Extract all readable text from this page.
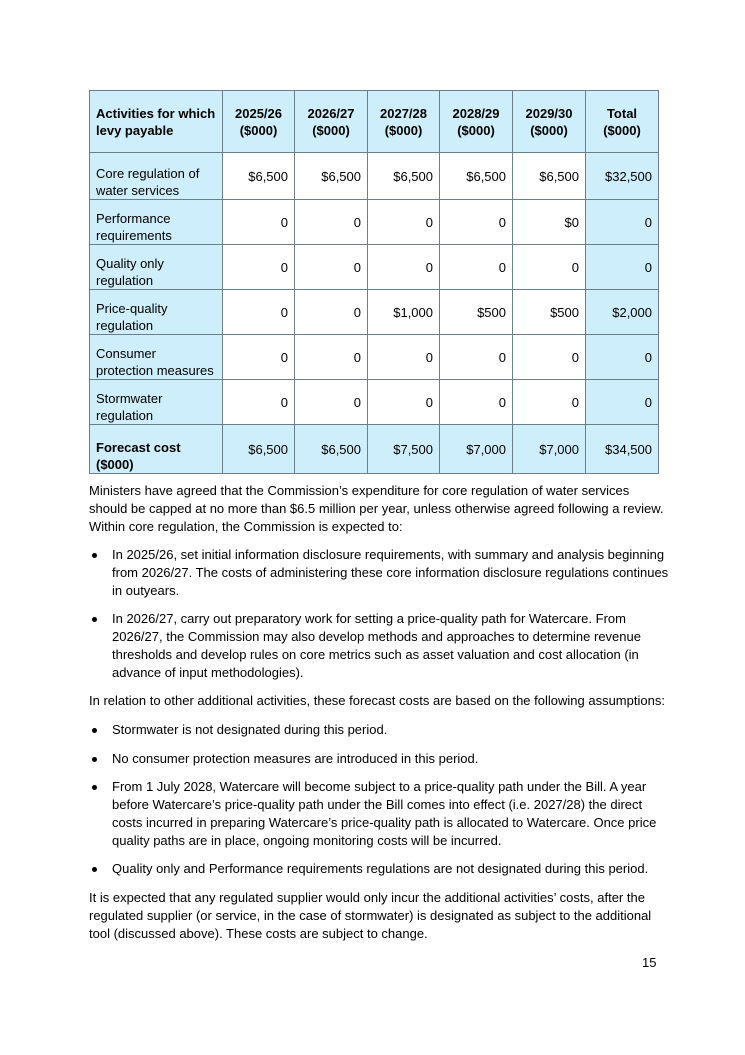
Activities for which levy payable	2025/26 ($000)	2026/27 ($000)	2027/28 ($000)	2028/29 ($000)	2029/30 ($000)	Total ($000)
Core regulation of water services	$6,500	$6,500	$6,500	$6,500	$6,500	$32,500
Performance requirements	0	0	0	0	$0	0
Quality only regulation	0	0	0	0	0	0
Price-quality regulation	0	0	$1,000	$500	$500	$2,000
Consumer protection measures	0	0	0	0	0	0
Stormwater regulation	0	0	0	0	0	0
Forecast cost ($000)	$6,500	$6,500	$7,500	$7,000	$7,000	$34,500

Ministers have agreed that the Commission’s expenditure for core regulation of water services should be capped at no more than $6.5 million per year, unless otherwise agreed following a review. Within core regulation, the Commission is expected to:

In 2025/26, set initial information disclosure requirements, with summary and analysis beginning from 2026/27. The costs of administering these core information disclosure regulations continues in outyears.
In 2026/27, carry out preparatory work for setting a price-quality path for Watercare. From 2026/27, the Commission may also develop methods and approaches to determine revenue thresholds and develop rules on core metrics such as asset valuation and cost allocation (in advance of input methodologies).

In relation to other additional activities, these forecast costs are based on the following assumptions:

Stormwater is not designated during this period.
No consumer protection measures are introduced in this period.
From 1 July 2028, Watercare will become subject to a price-quality path under the Bill. A year before Watercare’s price-quality path under the Bill comes into effect (i.e. 2027/28) the direct costs incurred in preparing Watercare’s price-quality path is allocated to Watercare. Once price quality paths are in place, ongoing monitoring costs will be incurred.
Quality only and Performance requirements regulations are not designated during this period.

It is expected that any regulated supplier would only incur the additional activities’ costs, after the regulated supplier (or service, in the case of stormwater) is designated as subject to the additional tool (discussed above). These costs are subject to change.

15
